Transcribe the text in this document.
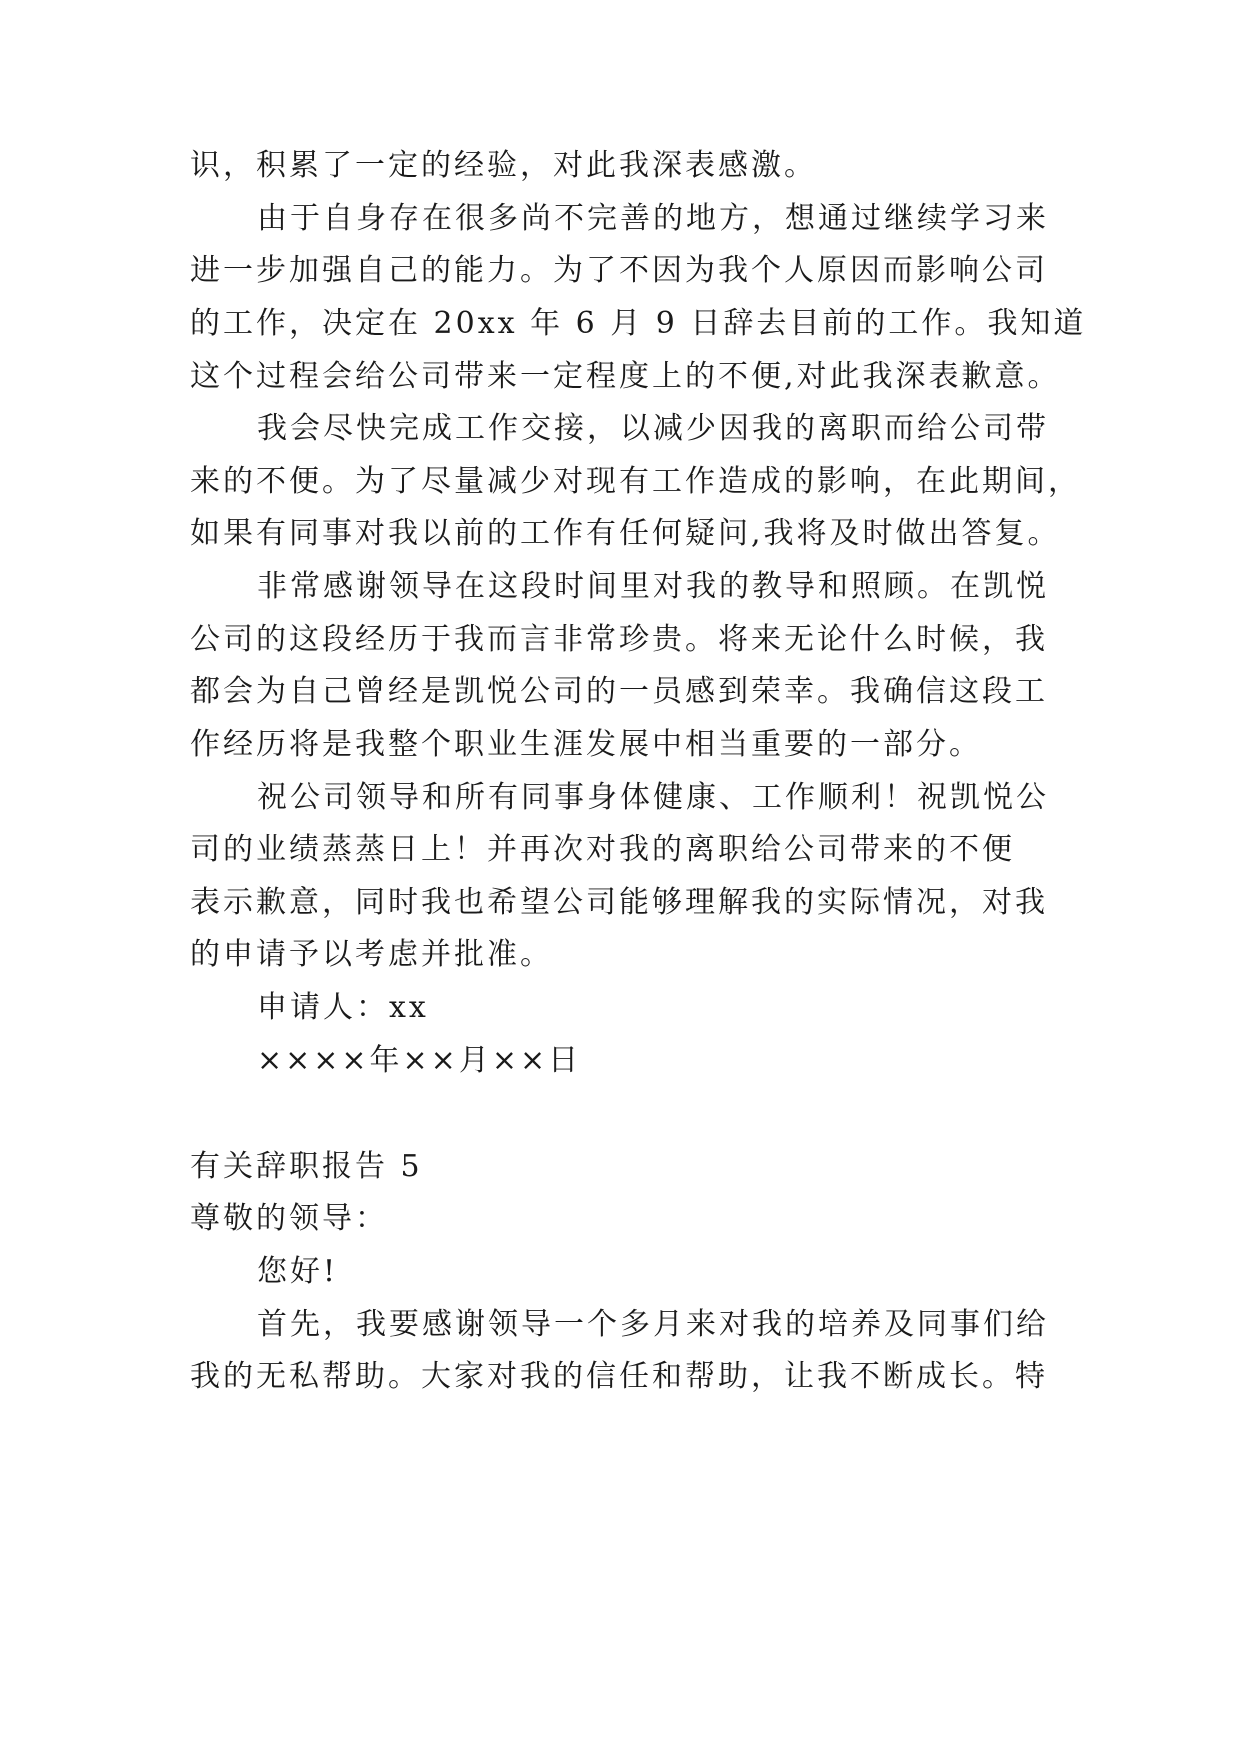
识，积累了一定的经验，对此我深表感激。
由于自身存在很多尚不完善的地方，想通过继续学习来
进一步加强自己的能力。为了不因为我个人原因而影响公司
的工作，决定在 20xx 年 6 月 9 日辞去目前的工作。我知道
这个过程会给公司带来一定程度上的不便,对此我深表歉意。
我会尽快完成工作交接，以减少因我的离职而给公司带
来的不便。为了尽量减少对现有工作造成的影响，在此期间，
如果有同事对我以前的工作有任何疑问,我将及时做出答复。
非常感谢领导在这段时间里对我的教导和照顾。在凯悦
公司的这段经历于我而言非常珍贵。将来无论什么时候，我
都会为自己曾经是凯悦公司的一员感到荣幸。我确信这段工
作经历将是我整个职业生涯发展中相当重要的一部分。
祝公司领导和所有同事身体健康、工作顺利！祝凯悦公
司的业绩蒸蒸日上！并再次对我的离职给公司带来的不便
表示歉意，同时我也希望公司能够理解我的实际情况，对我
的申请予以考虑并批准。
申请人：xx
××××年××月××日
有关辞职报告 5
尊敬的领导：
您好!
首先，我要感谢领导一个多月来对我的培养及同事们给
我的无私帮助。大家对我的信任和帮助，让我不断成长。特
